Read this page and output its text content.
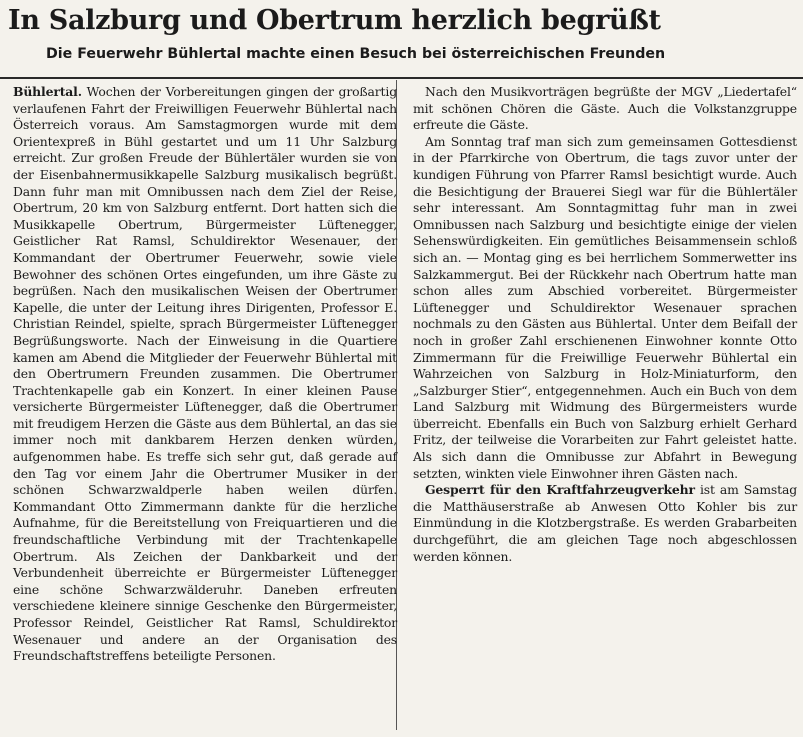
In Salzburg und Obertrum herzlich begrüßt
Die Feuerwehr Bühlertal machte einen Besuch bei österreichischen Freunden

Bühlertal. Wochen der Vorbereitungen gingen der großartig verlaufenen Fahrt der Freiwilligen Feuerwehr Bühlertal nach Österreich voraus. Am Samstagmorgen wurde mit dem Orientexpreß in Bühl gestartet und um 11 Uhr Salzburg erreicht. Zur großen Freude der Bühlertäler wurden sie von der Eisenbahnermusikkapelle Salzburg musikalisch begrüßt. Dann fuhr man mit Omnibussen nach dem Ziel der Reise, Obertrum, 20 km von Salzburg entfernt. Dort hatten sich die Musikkapelle Obertrum, Bürgermeister Lüftenegger, Geistlicher Rat Ramsl, Schuldirektor Wesenauer, der Kommandant der Obertrumer Feuerwehr, sowie viele Bewohner des schönen Ortes eingefunden, um ihre Gäste zu begrüßen. Nach den musikalischen Weisen der Obertrumer Kapelle, die unter der Leitung ihres Dirigenten, Professor E. Christian Reindel, spielte, sprach Bürgermeister Lüftenegger Begrüßungsworte. Nach der Einweisung in die Quartiere kamen am Abend die Mitglieder der Feuerwehr Bühlertal mit den Obertrumern Freunden zusammen. Die Obertrumer Trachtenkapelle gab ein Konzert. In einer kleinen Pause versicherte Bürgermeister Lüftenegger, daß die Obertrumer mit freudigem Herzen die Gäste aus dem Bühlertal, an das sie immer noch mit dankbarem Herzen denken würden, aufgenommen habe. Es treffe sich sehr gut, daß gerade auf den Tag vor einem Jahr die Obertrumer Musiker in der schönen Schwarzwaldperle haben weilen dürfen. Kommandant Otto Zimmermann dankte für die herzliche Aufnahme, für die Bereitstellung von Freiquartieren und die freundschaftliche Verbindung mit der Trachtenkapelle Obertrum. Als Zeichen der Dankbarkeit und der Verbundenheit überreichte er Bürgermeister Lüftenegger eine schöne Schwarzwälderuhr. Daneben erfreuten verschiedene kleinere sinnige Geschenke den Bürgermeister, Professor Reindel, Geistlicher Rat Ramsl, Schuldirektor Wesenauer und andere an der Organisation des Freundschaftstreffens beteiligte Personen.

Nach den Musikvorträgen begrüßte der MGV „Liedertafel“ mit schönen Chören die Gäste. Auch die Volkstanzgruppe erfreute die Gäste.

Am Sonntag traf man sich zum gemeinsamen Gottesdienst in der Pfarrkirche von Obertrum, die tags zuvor unter der kundigen Führung von Pfarrer Ramsl besichtigt wurde. Auch die Besichtigung der Brauerei Siegl war für die Bühlertäler sehr interessant. Am Sonntagmittag fuhr man in zwei Omnibussen nach Salzburg und besichtigte einige der vielen Sehenswürdigkeiten. Ein gemütliches Beisammensein schloß sich an. — Montag ging es bei herrlichem Sommerwetter ins Salzkammergut. Bei der Rückkehr nach Obertrum hatte man schon alles zum Abschied vorbereitet. Bürgermeister Lüftenegger und Schuldirektor Wesenauer sprachen nochmals zu den Gästen aus Bühlertal. Unter dem Beifall der noch in großer Zahl erschienenen Einwohner konnte Otto Zimmermann für die Freiwillige Feuerwehr Bühlertal ein Wahrzeichen von Salzburg in Holz-Miniaturform, den „Salzburger Stier“, entgegennehmen. Auch ein Buch von dem Land Salzburg mit Widmung des Bürgermeisters wurde überreicht. Ebenfalls ein Buch von Salzburg erhielt Gerhard Fritz, der teilweise die Vorarbeiten zur Fahrt geleistet hatte. Als sich dann die Omnibusse zur Abfahrt in Bewegung setzten, winkten viele Einwohner ihren Gästen nach.

Gesperrt für den Kraftfahrzeugverkehr ist am Samstag die Matthäuserstraße ab Anwesen Otto Kohler bis zur Einmündung in die Klotzbergstraße. Es werden Grabarbeiten durchgeführt, die am gleichen Tage noch abgeschlossen werden können.
